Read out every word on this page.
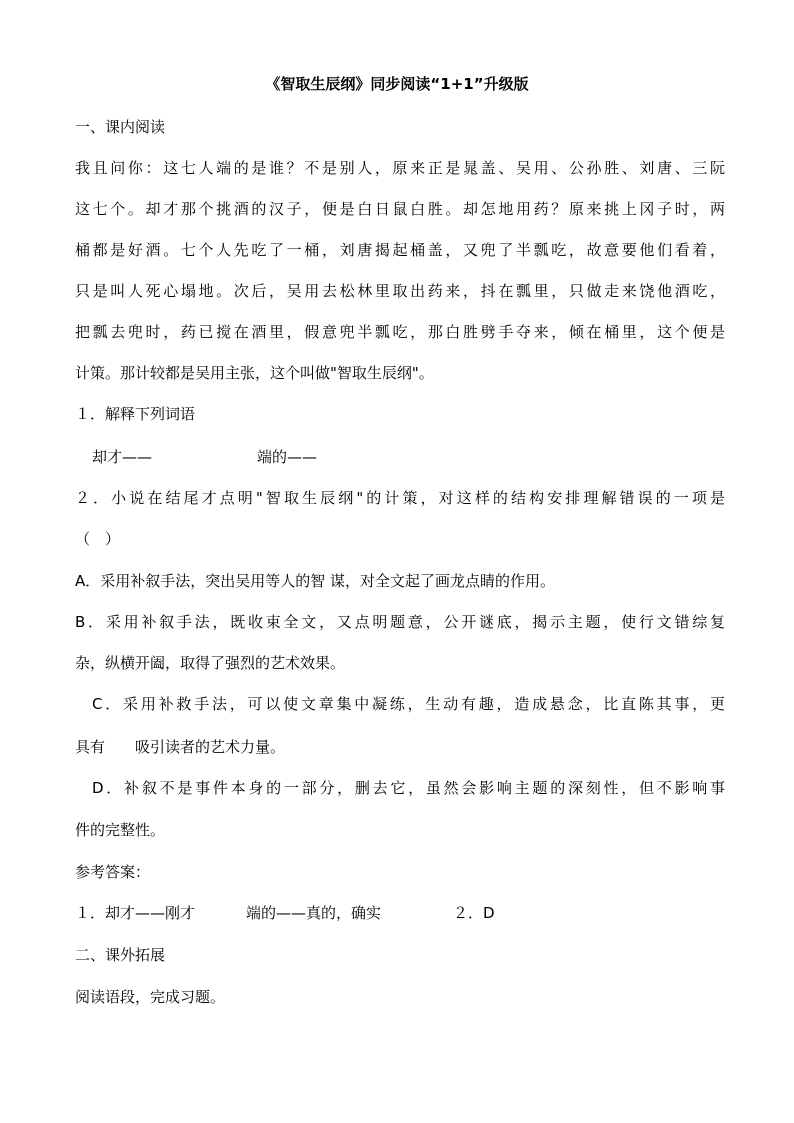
《智取生辰纲》同步阅读“1+1”升级版
一、课内阅读
我且问你：这七人端的是谁？不是别人，原来正是晁盖、吴用、公孙胜、刘唐、三阮
这七个。却才那个挑酒的汉子，便是白日鼠白胜。却怎地用药？原来挑上冈子时，两
桶都是好酒。七个人先吃了一桶，刘唐揭起桶盖，又兜了半瓢吃，故意要他们看着，
只是叫人死心塌地。次后，吴用去松林里取出药来，抖在瓢里，只做走来饶他酒吃，
把瓢去兜时，药已搅在酒里，假意兜半瓢吃，那白胜劈手夺来，倾在桶里，这个便是
计策。那计较都是吴用主张，这个叫做"智取生辰纲"。
１．解释下列词语
却才——	端的——
２．小说在结尾才点明"智取生辰纲"的计策，对这样的结构安排理解错误的一项是
（　）
A．采用补叙手法，突出吴用等人的智 谋，对全文起了画龙点睛的作用。
B．采用补叙手法，既收束全文，又点明题意，公开谜底，揭示主题，使行文错综复
杂，纵横开阖，取得了强烈的艺术效果。
C．采用补救手法，可以使文章集中凝练，生动有趣，造成悬念，比直陈其事，更
具有　　吸引读者的艺术力量。
D．补叙不是事件本身的一部分，删去它，虽然会影响主题的深刻性，但不影响事
件的完整性。
参考答案：
１．却才——刚才	端的——真的，确实	２．D
二、课外拓展
阅读语段，完成习题。
